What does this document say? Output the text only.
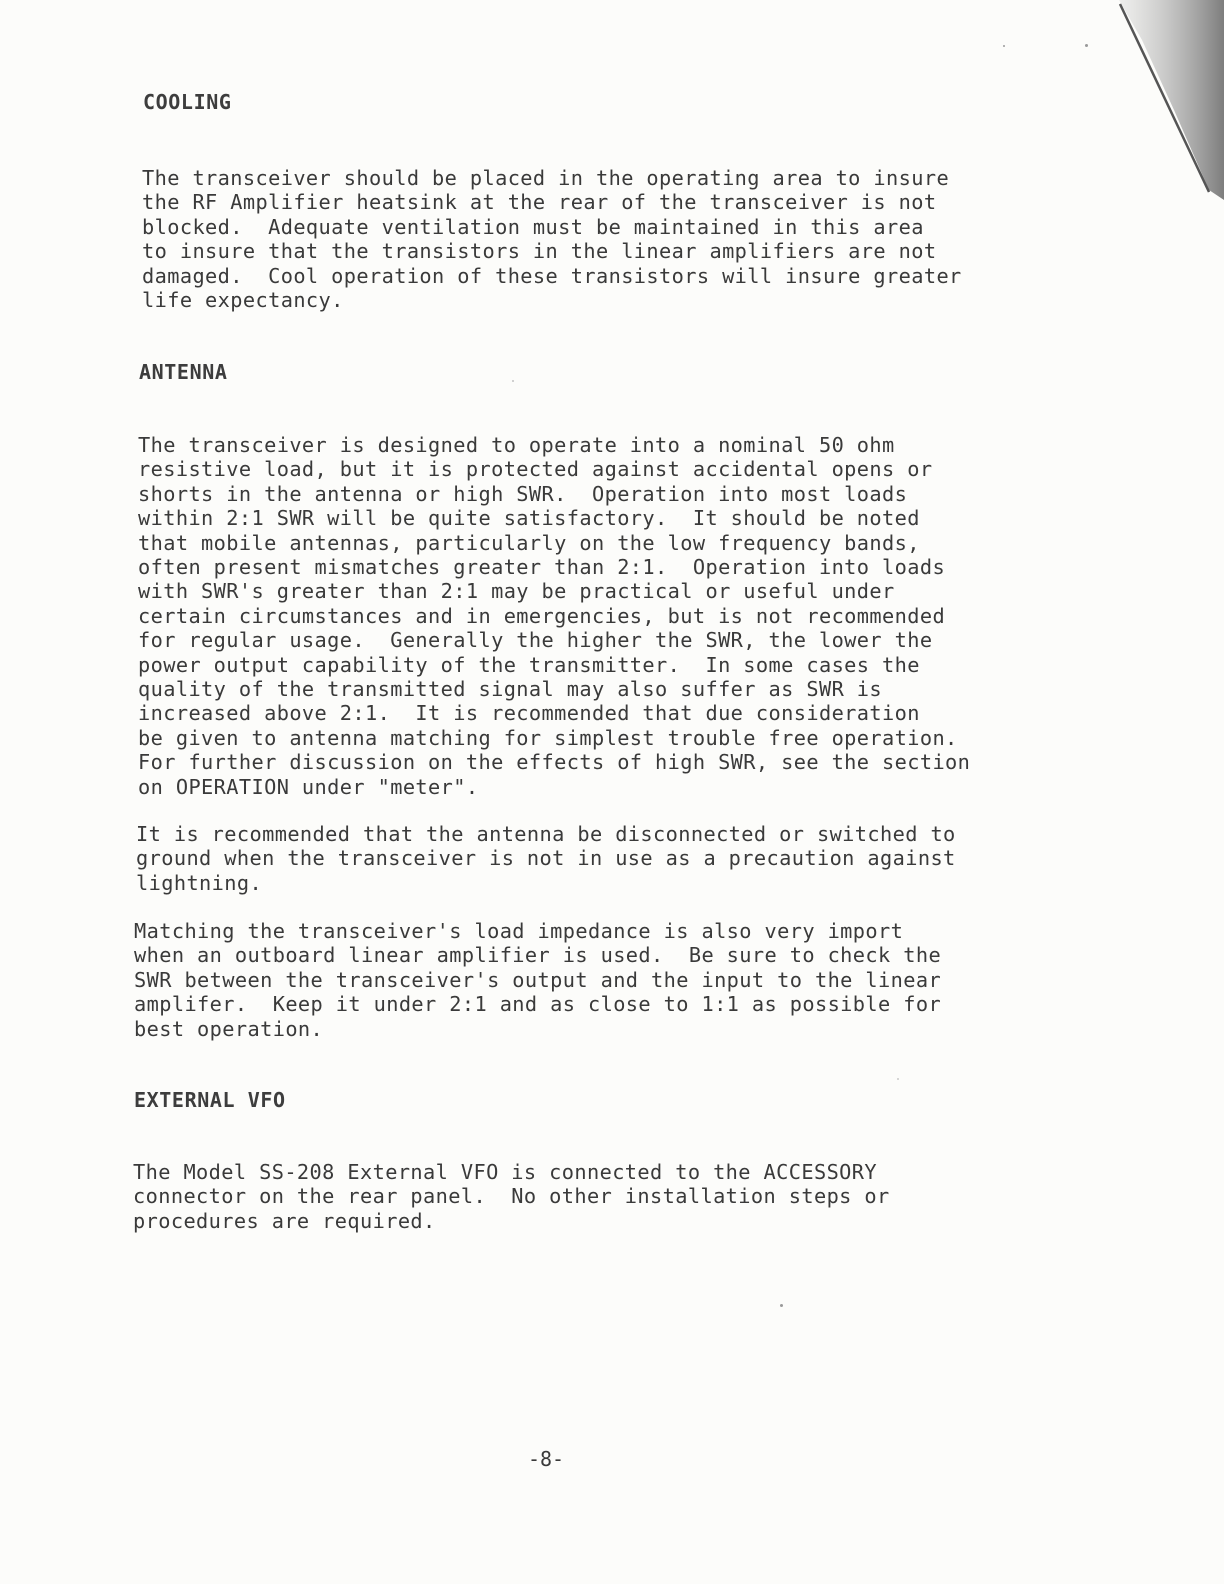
COOLING

The transceiver should be placed in the operating area to insure
the RF Amplifier heatsink at the rear of the transceiver is not
blocked.  Adequate ventilation must be maintained in this area
to insure that the transistors in the linear amplifiers are not
damaged.  Cool operation of these transistors will insure greater
life expectancy.

ANTENNA

The transceiver is designed to operate into a nominal 50 ohm
resistive load, but it is protected against accidental opens or
shorts in the antenna or high SWR.  Operation into most loads
within 2:1 SWR will be quite satisfactory.  It should be noted
that mobile antennas, particularly on the low frequency bands,
often present mismatches greater than 2:1.  Operation into loads
with SWR's greater than 2:1 may be practical or useful under
certain circumstances and in emergencies, but is not recommended
for regular usage.  Generally the higher the SWR, the lower the
power output capability of the transmitter.  In some cases the
quality of the transmitted signal may also suffer as SWR is
increased above 2:1.  It is recommended that due consideration
be given to antenna matching for simplest trouble free operation.
For further discussion on the effects of high SWR, see the section
on OPERATION under "meter".

It is recommended that the antenna be disconnected or switched to
ground when the transceiver is not in use as a precaution against
lightning.

Matching the transceiver's load impedance is also very import
when an outboard linear amplifier is used.  Be sure to check the
SWR between the transceiver's output and the input to the linear
amplifer.  Keep it under 2:1 and as close to 1:1 as possible for
best operation.

EXTERNAL VFO

The Model SS-208 External VFO is connected to the ACCESSORY
connector on the rear panel.  No other installation steps or
procedures are required.

-8-
